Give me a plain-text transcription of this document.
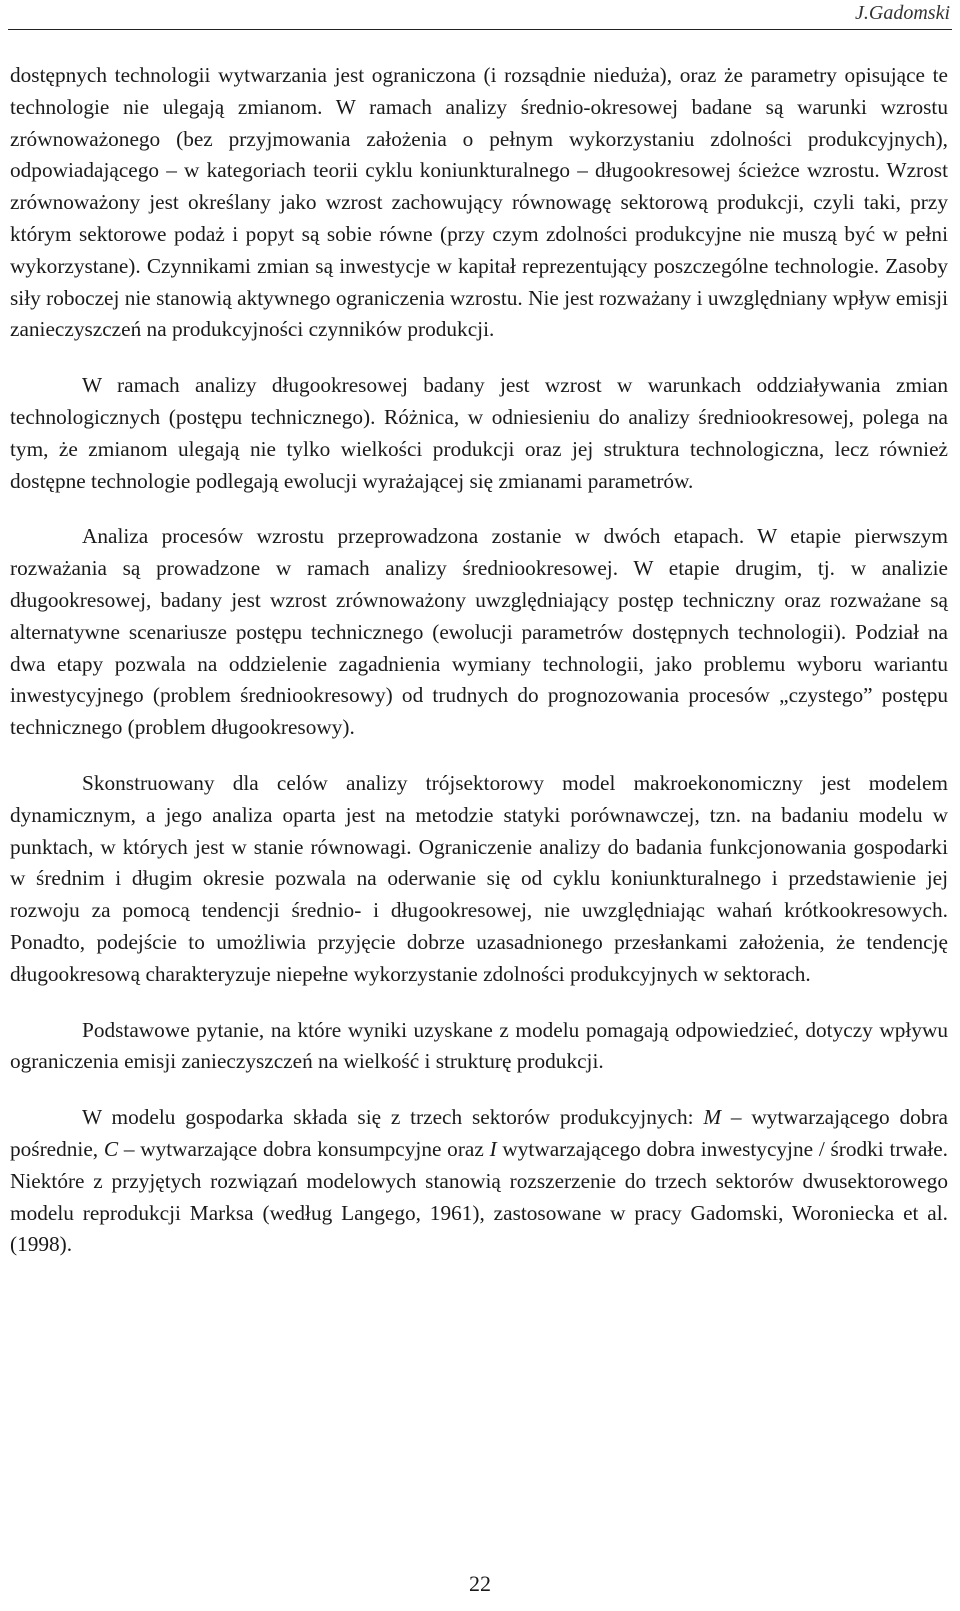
J.Gadomski

dostępnych technologii wytwarzania jest ograniczona (i rozsądnie nieduża), oraz że parametry opisujące te technologie nie ulegają zmianom. W ramach analizy średnio-okresowej badane są warunki wzrostu zrównoważonego (bez przyjmowania założenia o pełnym wykorzystaniu zdolności produkcyjnych), odpowiadającego – w kategoriach teorii cyklu koniunkturalnego – długookresowej ścieżce wzrostu. Wzrost zrównoważony jest określany jako wzrost zachowujący równowagę sektorową produkcji, czyli taki, przy którym sektorowe podaż i popyt są sobie równe (przy czym zdolności produkcyjne nie muszą być w pełni wykorzystane). Czynnikami zmian są inwestycje w kapitał reprezentujący poszczególne technologie. Zasoby siły roboczej nie stanowią aktywnego ograniczenia wzrostu. Nie jest rozważany i uwzględniany wpływ emisji zanieczyszczeń na produkcyjności czynników produkcji.

W ramach analizy długookresowej badany jest wzrost w warunkach oddziaływania zmian technologicznych (postępu technicznego). Różnica, w odniesieniu do analizy średniookresowej, polega na tym, że zmianom ulegają nie tylko wielkości produkcji oraz jej struktura technologiczna, lecz również dostępne technologie podlegają ewolucji wyrażającej się zmianami parametrów.

Analiza procesów wzrostu przeprowadzona zostanie w dwóch etapach. W etapie pierwszym rozważania są prowadzone w ramach analizy średniookresowej. W etapie drugim, tj. w analizie długookresowej, badany jest wzrost zrównoważony uwzględniający postęp techniczny oraz rozważane są alternatywne scenariusze postępu technicznego (ewolucji parametrów dostępnych technologii). Podział na dwa etapy pozwala na oddzielenie zagadnienia wymiany technologii, jako problemu wyboru wariantu inwestycyjnego (problem średniookresowy) od trudnych do prognozowania procesów „czystego” postępu technicznego (problem długookresowy).

Skonstruowany dla celów analizy trójsektorowy model makroekonomiczny jest modelem dynamicznym, a jego analiza oparta jest na metodzie statyki porównawczej, tzn. na badaniu modelu w punktach, w których jest w stanie równowagi. Ograniczenie analizy do badania funkcjonowania gospodarki w średnim i długim okresie pozwala na oderwanie się od cyklu koniunkturalnego i przedstawienie jej rozwoju za pomocą tendencji średnio- i długookresowej, nie uwzględniając wahań krótkookresowych. Ponadto, podejście to umożliwia przyjęcie dobrze uzasadnionego przesłankami założenia, że tendencję długookresową charakteryzuje niepełne wykorzystanie zdolności produkcyjnych w sektorach.

Podstawowe pytanie, na które wyniki uzyskane z modelu pomagają odpowiedzieć, dotyczy wpływu ograniczenia emisji zanieczyszczeń na wielkość i strukturę produkcji.

W modelu gospodarka składa się z trzech sektorów produkcyjnych: M – wytwarzającego dobra pośrednie, C – wytwarzające dobra konsumpcyjne oraz I wytwarzającego dobra inwestycyjne / środki trwałe. Niektóre z przyjętych rozwiązań modelowych stanowią rozszerzenie do trzech sektorów dwusektorowego modelu reprodukcji Marksa (według Langego, 1961), zastosowane w pracy Gadomski, Woroniecka et al. (1998).

22
